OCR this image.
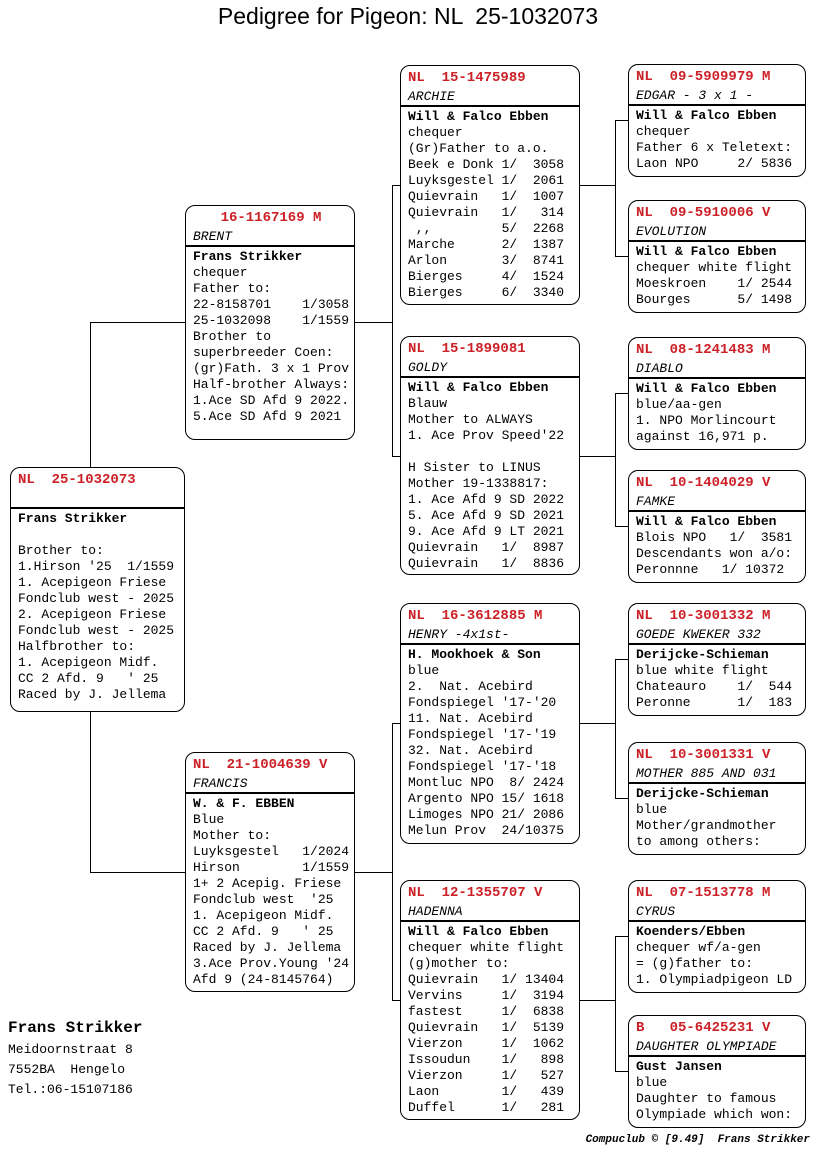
Pedigree for Pigeon: NL  25-1032073
NL  25-1032073
Frans Strikker

Brother to:
1.Hirson '25  1/1559
1. Acepigeon Friese
Fondclub west - 2025
2. Acepigeon Friese
Fondclub west - 2025
Halfbrother to:
1. Acepigeon Midf.
CC 2 Afd. 9   ' 25
Raced by J. Jellema
16-1167169 M
BRENT
Frans Strikker
chequer
Father to:
22-8158701    1/3058
25-1032098    1/1559
Brother to
superbreeder Coen:
(gr)Fath. 3 x 1 Prov
Half-brother Always:
1.Ace SD Afd 9 2022.
5.Ace SD Afd 9 2021
NL  21-1004639 V
FRANCIS
W. & F. EBBEN
Blue
Mother to:
Luyksgestel   1/2024
Hirson        1/1559
1+ 2 Acepig. Friese
Fondclub west  '25
1. Acepigeon Midf.
CC 2 Afd. 9   ' 25
Raced by J. Jellema
3.Ace Prov.Young '24
Afd 9 (24-8145764)
NL  15-1475989
ARCHIE
Will & Falco Ebben
chequer
(Gr)Father to a.o.
Beek e Donk 1/  3058
Luyksgestel 1/  2061
Quievrain   1/  1007
Quievrain   1/   314
,,         5/  2268
Marche      2/  1387
Arlon       3/  8741
Bierges     4/  1524
Bierges     6/  3340
NL  15-1899081
GOLDY
Will & Falco Ebben
Blauw
Mother to ALWAYS
1. Ace Prov Speed'22

H Sister to LINUS
Mother 19-1338817:
1. Ace Afd 9 SD 2022
5. Ace Afd 9 SD 2021
9. Ace Afd 9 LT 2021
Quievrain   1/  8987
Quievrain   1/  8836
NL  16-3612885 M
HENRY -4x1st-
H. Mookhoek & Son
blue
2.  Nat. Acebird
Fondspiegel '17-'20
11. Nat. Acebird
Fondspiegel '17-'19
32. Nat. Acebird
Fondspiegel '17-'18
Montluc NPO  8/ 2424
Argento NPO 15/ 1618
Limoges NPO 21/ 2086
Melun Prov  24/10375
NL  12-1355707 V
HADENNA
Will & Falco Ebben
chequer white flight
(g)mother to:
Quievrain   1/ 13404
Vervins     1/  3194
fastest     1/  6838
Quievrain   1/  5139
Vierzon     1/  1062
Issoudun    1/   898
Vierzon     1/   527
Laon        1/   439
Duffel      1/   281
NL  09-5909979 M
EDGAR - 3 x 1 -
Will & Falco Ebben
chequer
Father 6 x Teletext:
Laon NPO     2/ 5836
NL  09-5910006 V
EVOLUTION
Will & Falco Ebben
chequer white flight
Moeskroen    1/ 2544
Bourges      5/ 1498
NL  08-1241483 M
DIABLO
Will & Falco Ebben
blue/aa-gen
1. NPO Morlincourt
against 16,971 p.
NL  10-1404029 V
FAMKE
Will & Falco Ebben
Blois NPO   1/  3581
Descendants won a/o:
Peronnne   1/ 10372
NL  10-3001332 M
GOEDE KWEKER 332
Derijcke-Schieman
blue white flight
Chateauro    1/  544
Peronne      1/  183
NL  10-3001331 V
MOTHER 885 AND 031
Derijcke-Schieman
blue
Mother/grandmother
to among others:
NL  07-1513778 M
CYRUS
Koenders/Ebben
chequer wf/a-gen
= (g)father to:
1. Olympiadpigeon LD
B   05-6425231 V
DAUGHTER OLYMPIADE
Gust Jansen
blue
Daughter to famous
Olympiade which won:
Frans Strikker
Meidoornstraat 8
7552BA  Hengelo
Tel.:06-15107186
Compuclub © [9.49]  Frans Strikker
